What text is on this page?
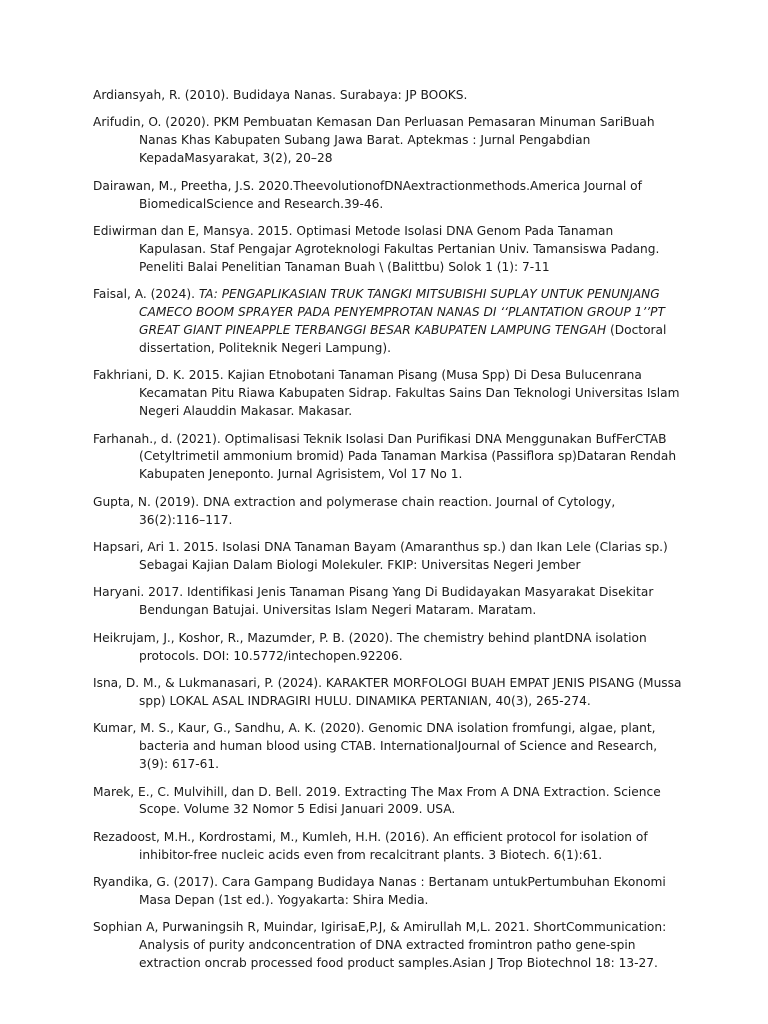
Ardiansyah, R. (2010). Budidaya Nanas. Surabaya: JP BOOKS.
Arifudin, O. (2020). PKM Pembuatan Kemasan Dan Perluasan Pemasaran Minuman SariBuah Nanas Khas Kabupaten Subang Jawa Barat. Aptekmas : Jurnal Pengabdian KepadaMasyarakat, 3(2), 20–28
Dairawan, M., Preetha, J.S. 2020.TheevolutionofDNAextractionmethods.America Journal of BiomedicalScience and Research.39-46.
Ediwirman dan E, Mansya. 2015. Optimasi Metode Isolasi DNA Genom Pada Tanaman Kapulasan. Staf Pengajar Agroteknologi Fakultas Pertanian Univ. Tamansiswa Padang. Peneliti Balai Penelitian Tanaman Buah \ (Balittbu) Solok 1 (1): 7-11
Faisal, A. (2024). TA: PENGAPLIKASIAN TRUK TANGKI MITSUBISHI SUPLAY UNTUK PENUNJANG CAMECO BOOM SPRAYER PADA PENYEMPROTAN NANAS DI ‘‘PLANTATION GROUP 1’’PT GREAT GIANT PINEAPPLE TERBANGGI BESAR KABUPATEN LAMPUNG TENGAH (Doctoral dissertation, Politeknik Negeri Lampung).
Fakhriani, D. K. 2015. Kajian Etnobotani Tanaman Pisang (Musa Spp) Di Desa Bulucenrana Kecamatan Pitu Riawa Kabupaten Sidrap. Fakultas Sains Dan Teknologi Universitas Islam Negeri Alauddin Makasar. Makasar.
Farhanah., d. (2021). Optimalisasi Teknik Isolasi Dan Purifikasi DNA Menggunakan BufFerCTAB (Cetyltrimetil ammonium bromid) Pada Tanaman Markisa (Passiflora sp)Dataran Rendah Kabupaten Jeneponto. Jurnal Agrisistem, Vol 17 No 1.
Gupta, N. (2019). DNA extraction and polymerase chain reaction. Journal of Cytology, 36(2):116–117.
Hapsari, Ari 1. 2015. Isolasi DNA Tanaman Bayam (Amaranthus sp.) dan Ikan Lele (Clarias sp.) Sebagai Kajian Dalam Biologi Molekuler. FKIP: Universitas Negeri Jember
Haryani. 2017. Identifikasi Jenis Tanaman Pisang Yang Di Budidayakan Masyarakat Disekitar Bendungan Batujai. Universitas Islam Negeri Mataram. Maratam.
Heikrujam, J., Koshor, R., Mazumder, P. B. (2020). The chemistry behind plantDNA isolation protocols. DOI: 10.5772/intechopen.92206.
Isna, D. M., & Lukmanasari, P. (2024). KARAKTER MORFOLOGI BUAH EMPAT JENIS PISANG (Mussa spp) LOKAL ASAL INDRAGIRI HULU. DINAMIKA PERTANIAN, 40(3), 265-274.
Kumar, M. S., Kaur, G., Sandhu, A. K. (2020). Genomic DNA isolation fromfungi, algae, plant, bacteria and human blood using CTAB. InternationalJournal of Science and Research, 3(9): 617-61.
Marek, E., C. Mulvihill, dan D. Bell. 2019. Extracting The Max From A DNA Extraction. Science Scope. Volume 32 Nomor 5 Edisi Januari 2009. USA.
Rezadoost, M.H., Kordrostami, M., Kumleh, H.H. (2016). An efficient protocol for isolation of inhibitor-free nucleic acids even from recalcitrant plants. 3 Biotech. 6(1):61.
Ryandika, G. (2017). Cara Gampang Budidaya Nanas : Bertanam untukPertumbuhan Ekonomi Masa Depan (1st ed.). Yogyakarta: Shira Media.
Sophian A, Purwaningsih R, Muindar, IgirisaE,P.J, & Amirullah M,L. 2021. ShortCommunication: Analysis of purity andconcentration of DNA extracted fromintron patho gene-spin extraction oncrab processed food product samples.Asian J Trop Biotechnol 18: 13-27.
